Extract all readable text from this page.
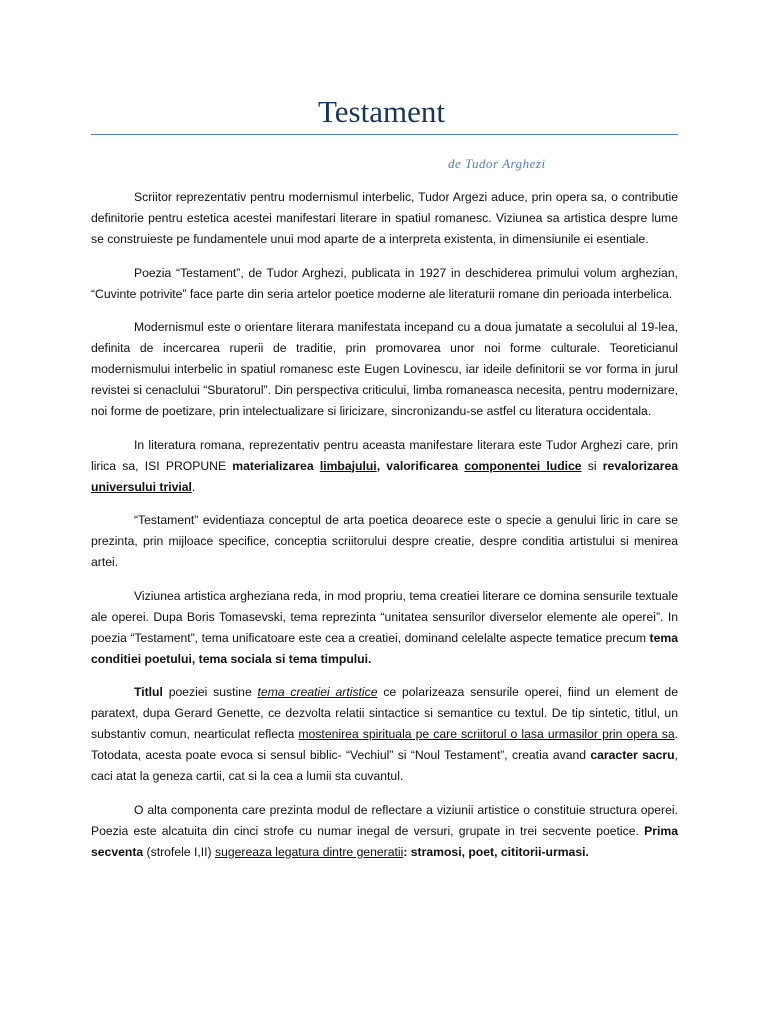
Testament
de Tudor Arghezi

Scriitor reprezentativ pentru modernismul interbelic, Tudor Argezi aduce, prin opera sa, o contributie definitorie pentru estetica acestei manifestari literare in spatiul romanesc. Viziunea sa artistica despre lume se construieste pe fundamentele unui mod aparte de a interpreta existenta, in dimensiunile ei esentiale.

Poezia “Testament”, de Tudor Arghezi, publicata in 1927 in deschiderea primului volum arghezian, “Cuvinte potrivite” face parte din seria artelor poetice moderne ale literaturii romane din perioada interbelica.

Modernismul este o orientare literara manifestata incepand cu a doua jumatate a secolului al 19-lea, definita de incercarea ruperii de traditie, prin promovarea unor noi forme culturale. Teoreticianul modernismului interbelic in spatiul romanesc este Eugen Lovinescu, iar ideile definitorii se vor forma in jurul revistei si cenaclului “Sburatorul”. Din perspectiva criticului, limba romaneasca necesita, pentru modernizare, noi forme de poetizare, prin intelectualizare si liricizare, sincronizandu-se astfel cu literatura occidentala.

In literatura romana, reprezentativ pentru aceasta manifestare literara este Tudor Arghezi care, prin lirica sa, ISI PROPUNE materializarea limbajului, valorificarea componentei ludice si revalorizarea universului trivial.

“Testament” evidentiaza conceptul de arta poetica deoarece este o specie a genului liric in care se prezinta, prin mijloace specifice, conceptia scriitorului despre creatie, despre conditia artistului si menirea artei.

Viziunea artistica argheziana reda, in mod propriu, tema creatiei literare ce domina sensurile textuale ale operei. Dupa Boris Tomasevski, tema reprezinta “unitatea sensurilor diverselor elemente ale operei”. In poezia “Testament”, tema unificatoare este cea a creatiei, dominand celelalte aspecte tematice precum tema conditiei poetului, tema sociala si tema timpului.

Titlul poeziei sustine tema creatiei artistice ce polarizeaza sensurile operei, fiind un element de paratext, dupa Gerard Genette, ce dezvolta relatii sintactice si semantice cu textul. De tip sintetic, titlul, un substantiv comun, nearticulat reflecta mostenirea spirituala pe care scriitorul o lasa urmasilor prin opera sa. Totodata, acesta poate evoca si sensul biblic- “Vechiul” si “Noul Testament”, creatia avand caracter sacru, caci atat la geneza cartii, cat si la cea a lumii sta cuvantul.

O alta componenta care prezinta modul de reflectare a viziunii artistice o constituie structura operei. Poezia este alcatuita din cinci strofe cu numar inegal de versuri, grupate in trei secvente poetice. Prima secventa (strofele I,II) sugereaza legatura dintre generatii: stramosi, poet, cititorii-urmasi.
